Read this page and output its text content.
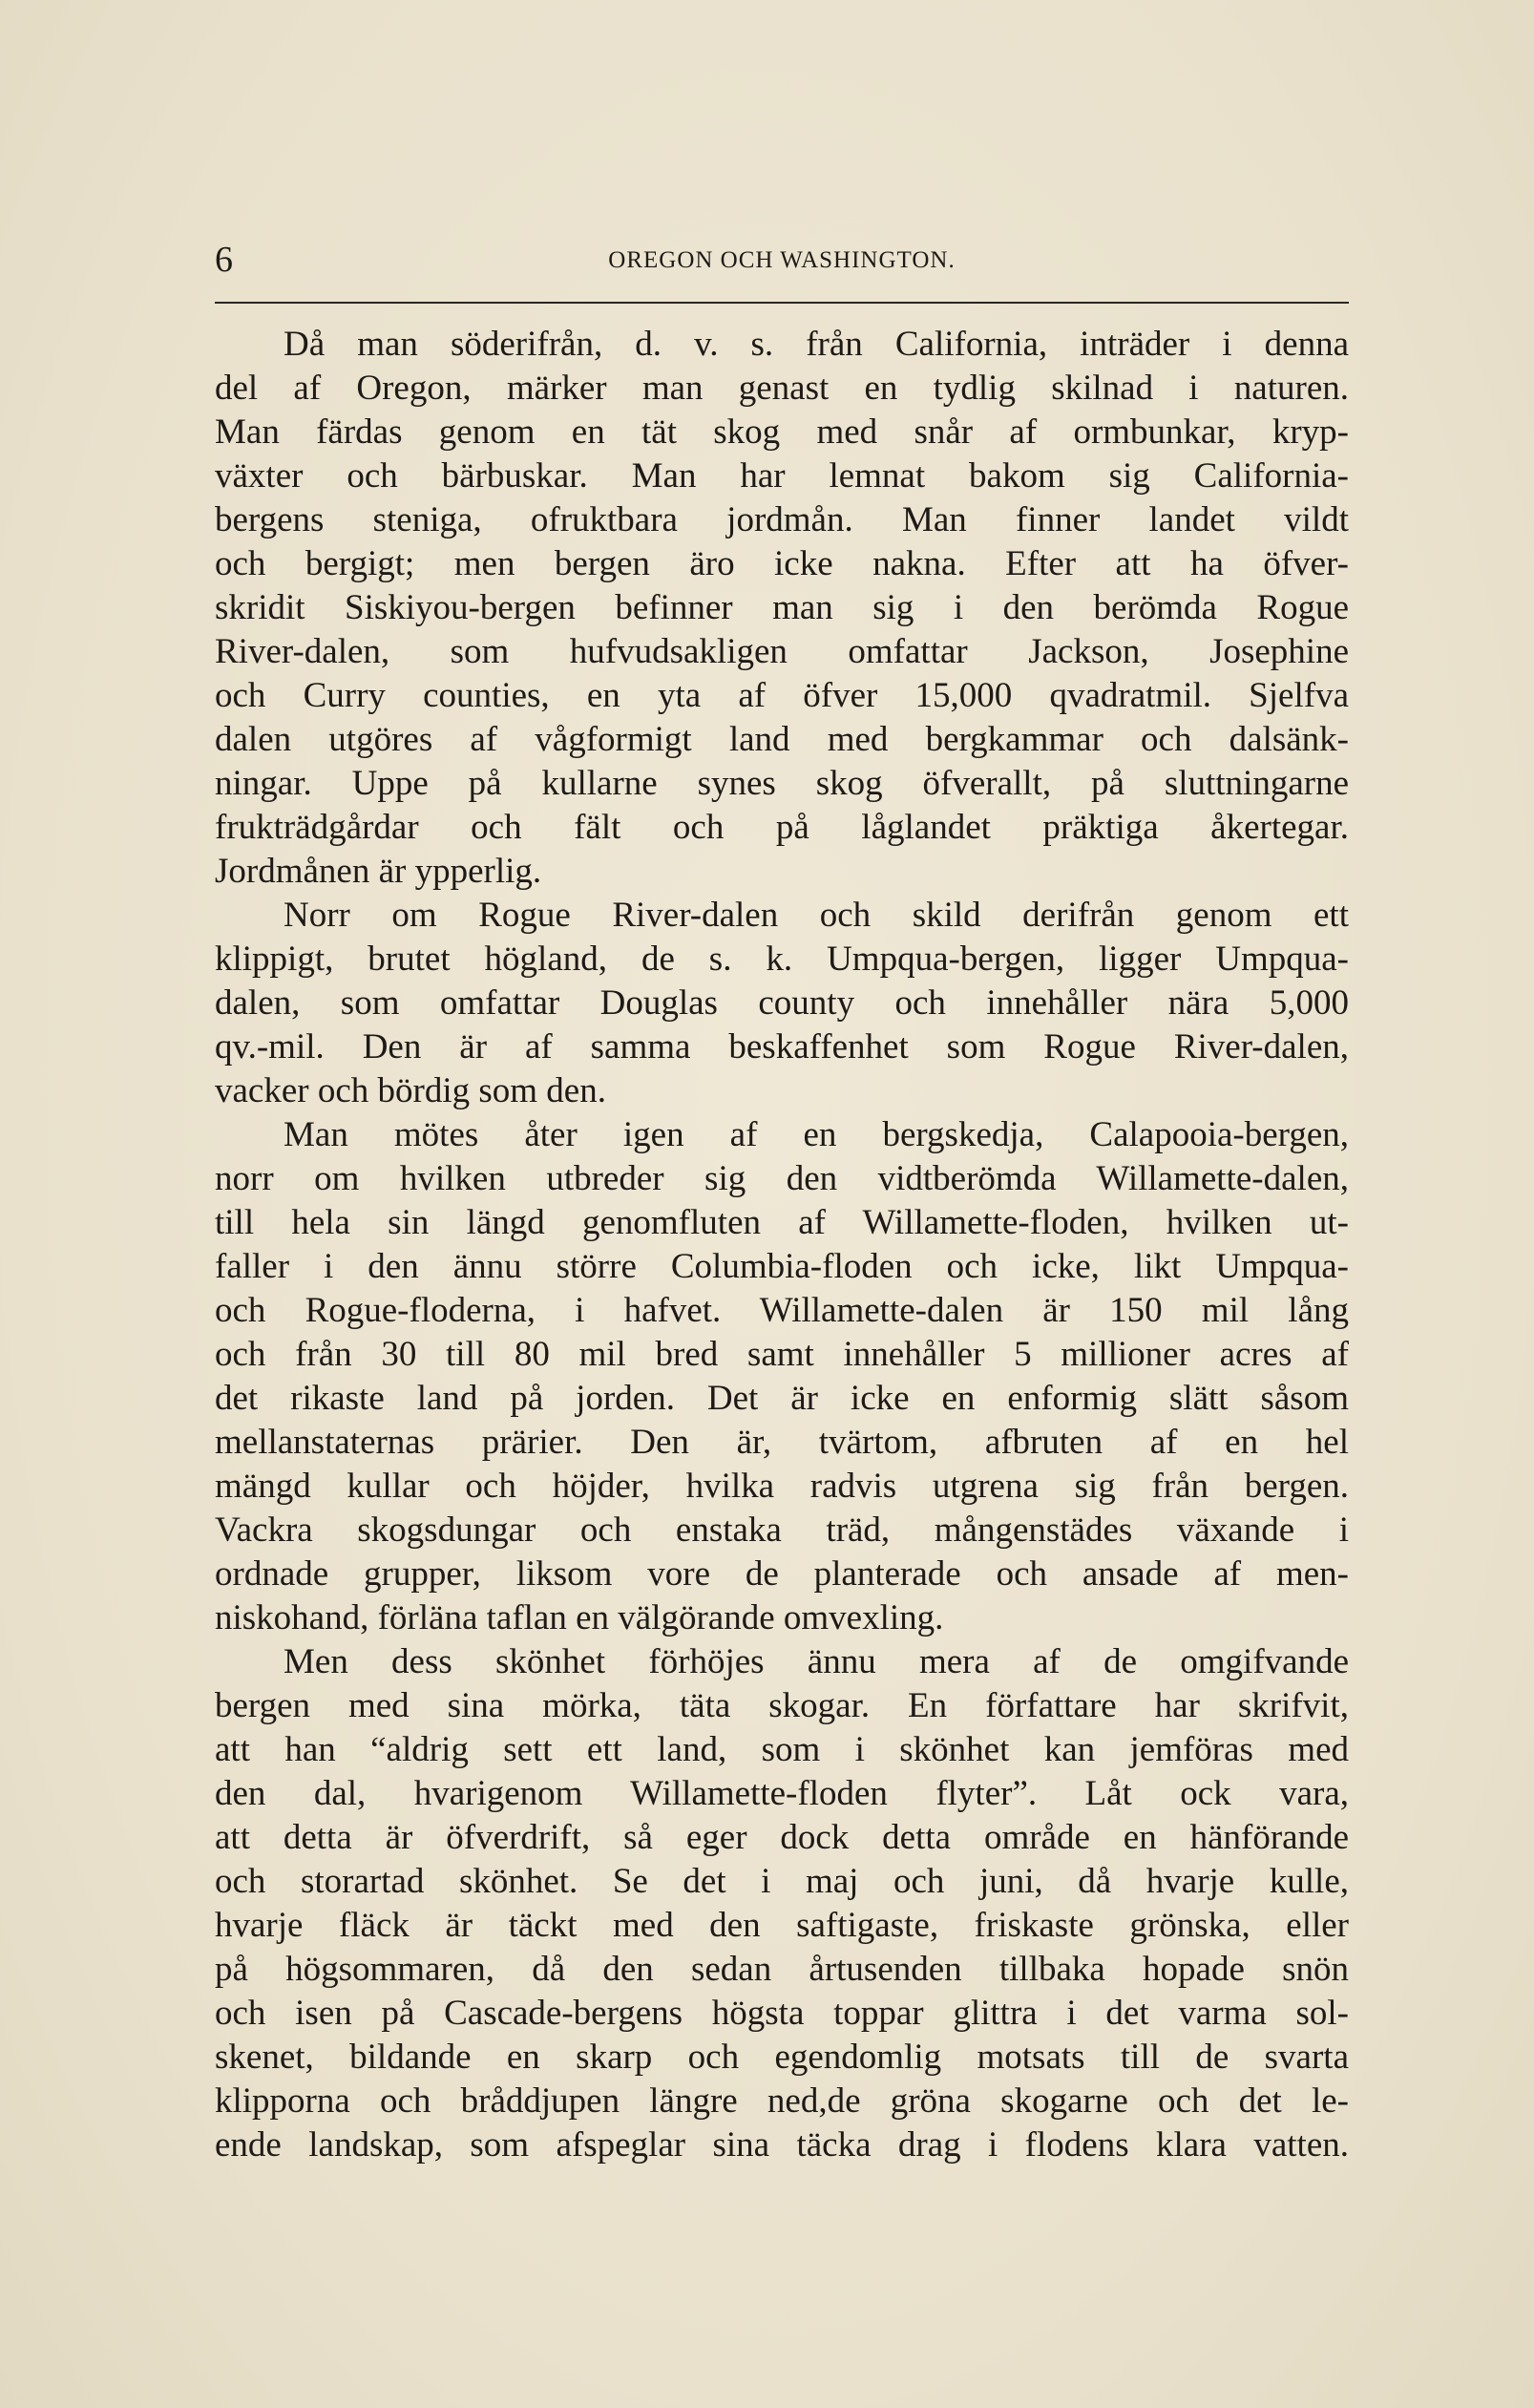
6	OREGON OCH WASHINGTON.
Då man söderifrån, d. v. s. från California, inträder i denna
del af Oregon, märker man genast en tydlig skilnad i naturen.
Man färdas genom en tät skog med snår af ormbunkar, kryp-
växter och bärbuskar. Man har lemnat bakom sig California-
bergens steniga, ofruktbara jordmån. Man finner landet vildt
och bergigt; men bergen äro icke nakna. Efter att ha öfver-
skridit Siskiyou-bergen befinner man sig i den berömda Rogue
River-dalen, som hufvudsakligen omfattar Jackson, Josephine
och Curry counties, en yta af öfver 15,000 qvadratmil. Sjelfva
dalen utgöres af vågformigt land med bergkammar och dalsänk-
ningar. Uppe på kullarne synes skog öfverallt, på sluttningarne
frukträdgårdar och fält och på låglandet präktiga åkertegar.
Jordmånen är ypperlig.
Norr om Rogue River-dalen och skild derifrån genom ett
klippigt, brutet högland, de s. k. Umpqua-bergen, ligger Umpqua-
dalen, som omfattar Douglas county och innehåller nära 5,000
qv.-mil. Den är af samma beskaffenhet som Rogue River-dalen,
vacker och bördig som den.
Man mötes åter igen af en bergskedja, Calapooia-bergen,
norr om hvilken utbreder sig den vidtberömda Willamette-dalen,
till hela sin längd genomfluten af Willamette-floden, hvilken ut-
faller i den ännu större Columbia-floden och icke, likt Umpqua-
och Rogue-floderna, i hafvet. Willamette-dalen är 150 mil lång
och från 30 till 80 mil bred samt innehåller 5 millioner acres af
det rikaste land på jorden. Det är icke en enformig slätt såsom
mellanstaternas prärier. Den är, tvärtom, afbruten af en hel
mängd kullar och höjder, hvilka radvis utgrena sig från bergen.
Vackra skogsdungar och enstaka träd, mångenstädes växande i
ordnade grupper, liksom vore de planterade och ansade af men-
niskohand, förläna taflan en välgörande omvexling.
Men dess skönhet förhöjes ännu mera af de omgifvande
bergen med sina mörka, täta skogar. En författare har skrifvit,
att han “aldrig sett ett land, som i skönhet kan jemföras med
den dal, hvarigenom Willamette-floden flyter”. Låt ock vara,
att detta är öfverdrift, så eger dock detta område en hänförande
och storartad skönhet. Se det i maj och juni, då hvarje kulle,
hvarje fläck är täckt med den saftigaste, friskaste grönska, eller
på högsommaren, då den sedan årtusenden tillbaka hopade snön
och isen på Cascade-bergens högsta toppar glittra i det varma sol-
skenet, bildande en skarp och egendomlig motsats till de svarta
klipporna och bråddjupen längre ned,de gröna skogarne och det le-
ende landskap, som afspeglar sina täcka drag i flodens klara vatten.
